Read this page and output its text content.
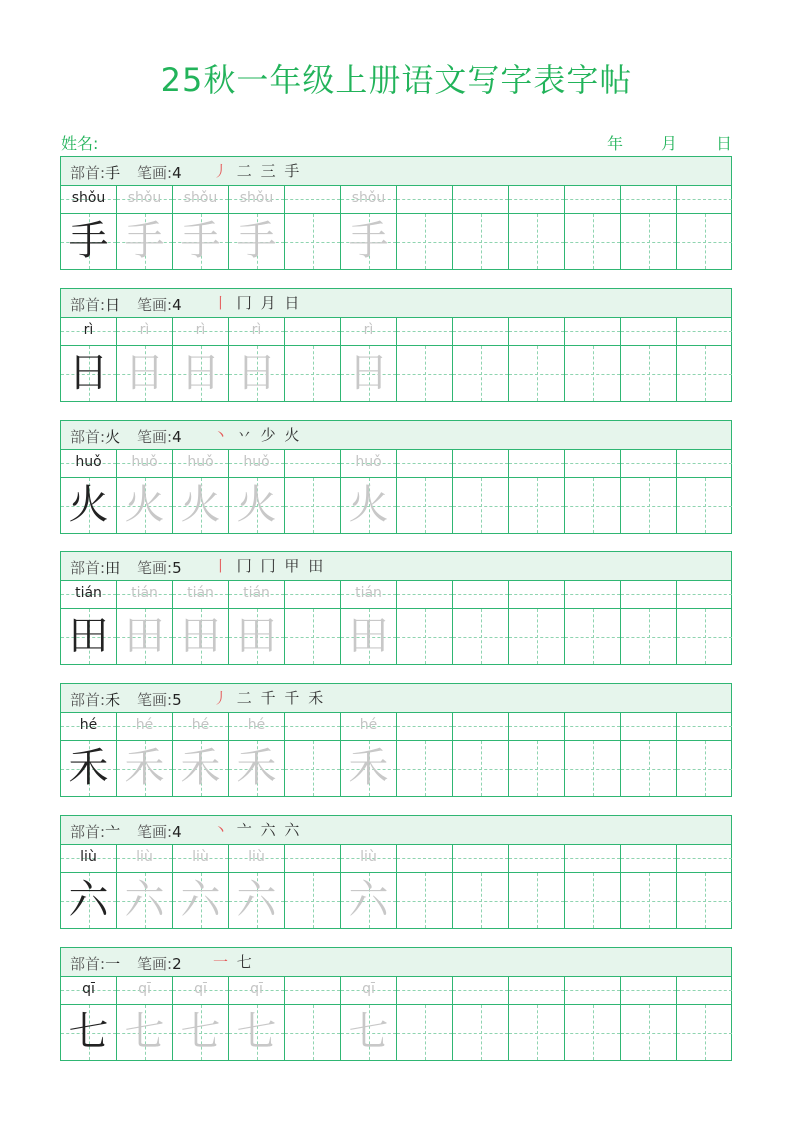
25秋一年级上册语文写字表字帖
姓名:	年 月 日
部首:手 笔画:4 丿 二 三 手
shǒu
手
shǒu
手
shǒu
手
shǒu
手
shǒu
手
部首:日 笔画:4 丨 冂 月 日
rì
日
rì
日
rì
日
rì
日
rì
日
部首:火 笔画:4 丶 丷 少 火
huǒ
火
huǒ
火
huǒ
火
huǒ
火
huǒ
火
部首:田 笔画:5 丨 冂 冂 甲 田
tián
田
tián
田
tián
田
tián
田
tián
田
部首:禾 笔画:5 丿 二 千 千 禾
hé
禾
hé
禾
hé
禾
hé
禾
hé
禾
部首:亠 笔画:4 丶 亠 六 六
liù
六
liù
六
liù
六
liù
六
liù
六
部首:一 笔画:2 一 七
qī
七
qī
七
qī
七
qī
七
qī
七
